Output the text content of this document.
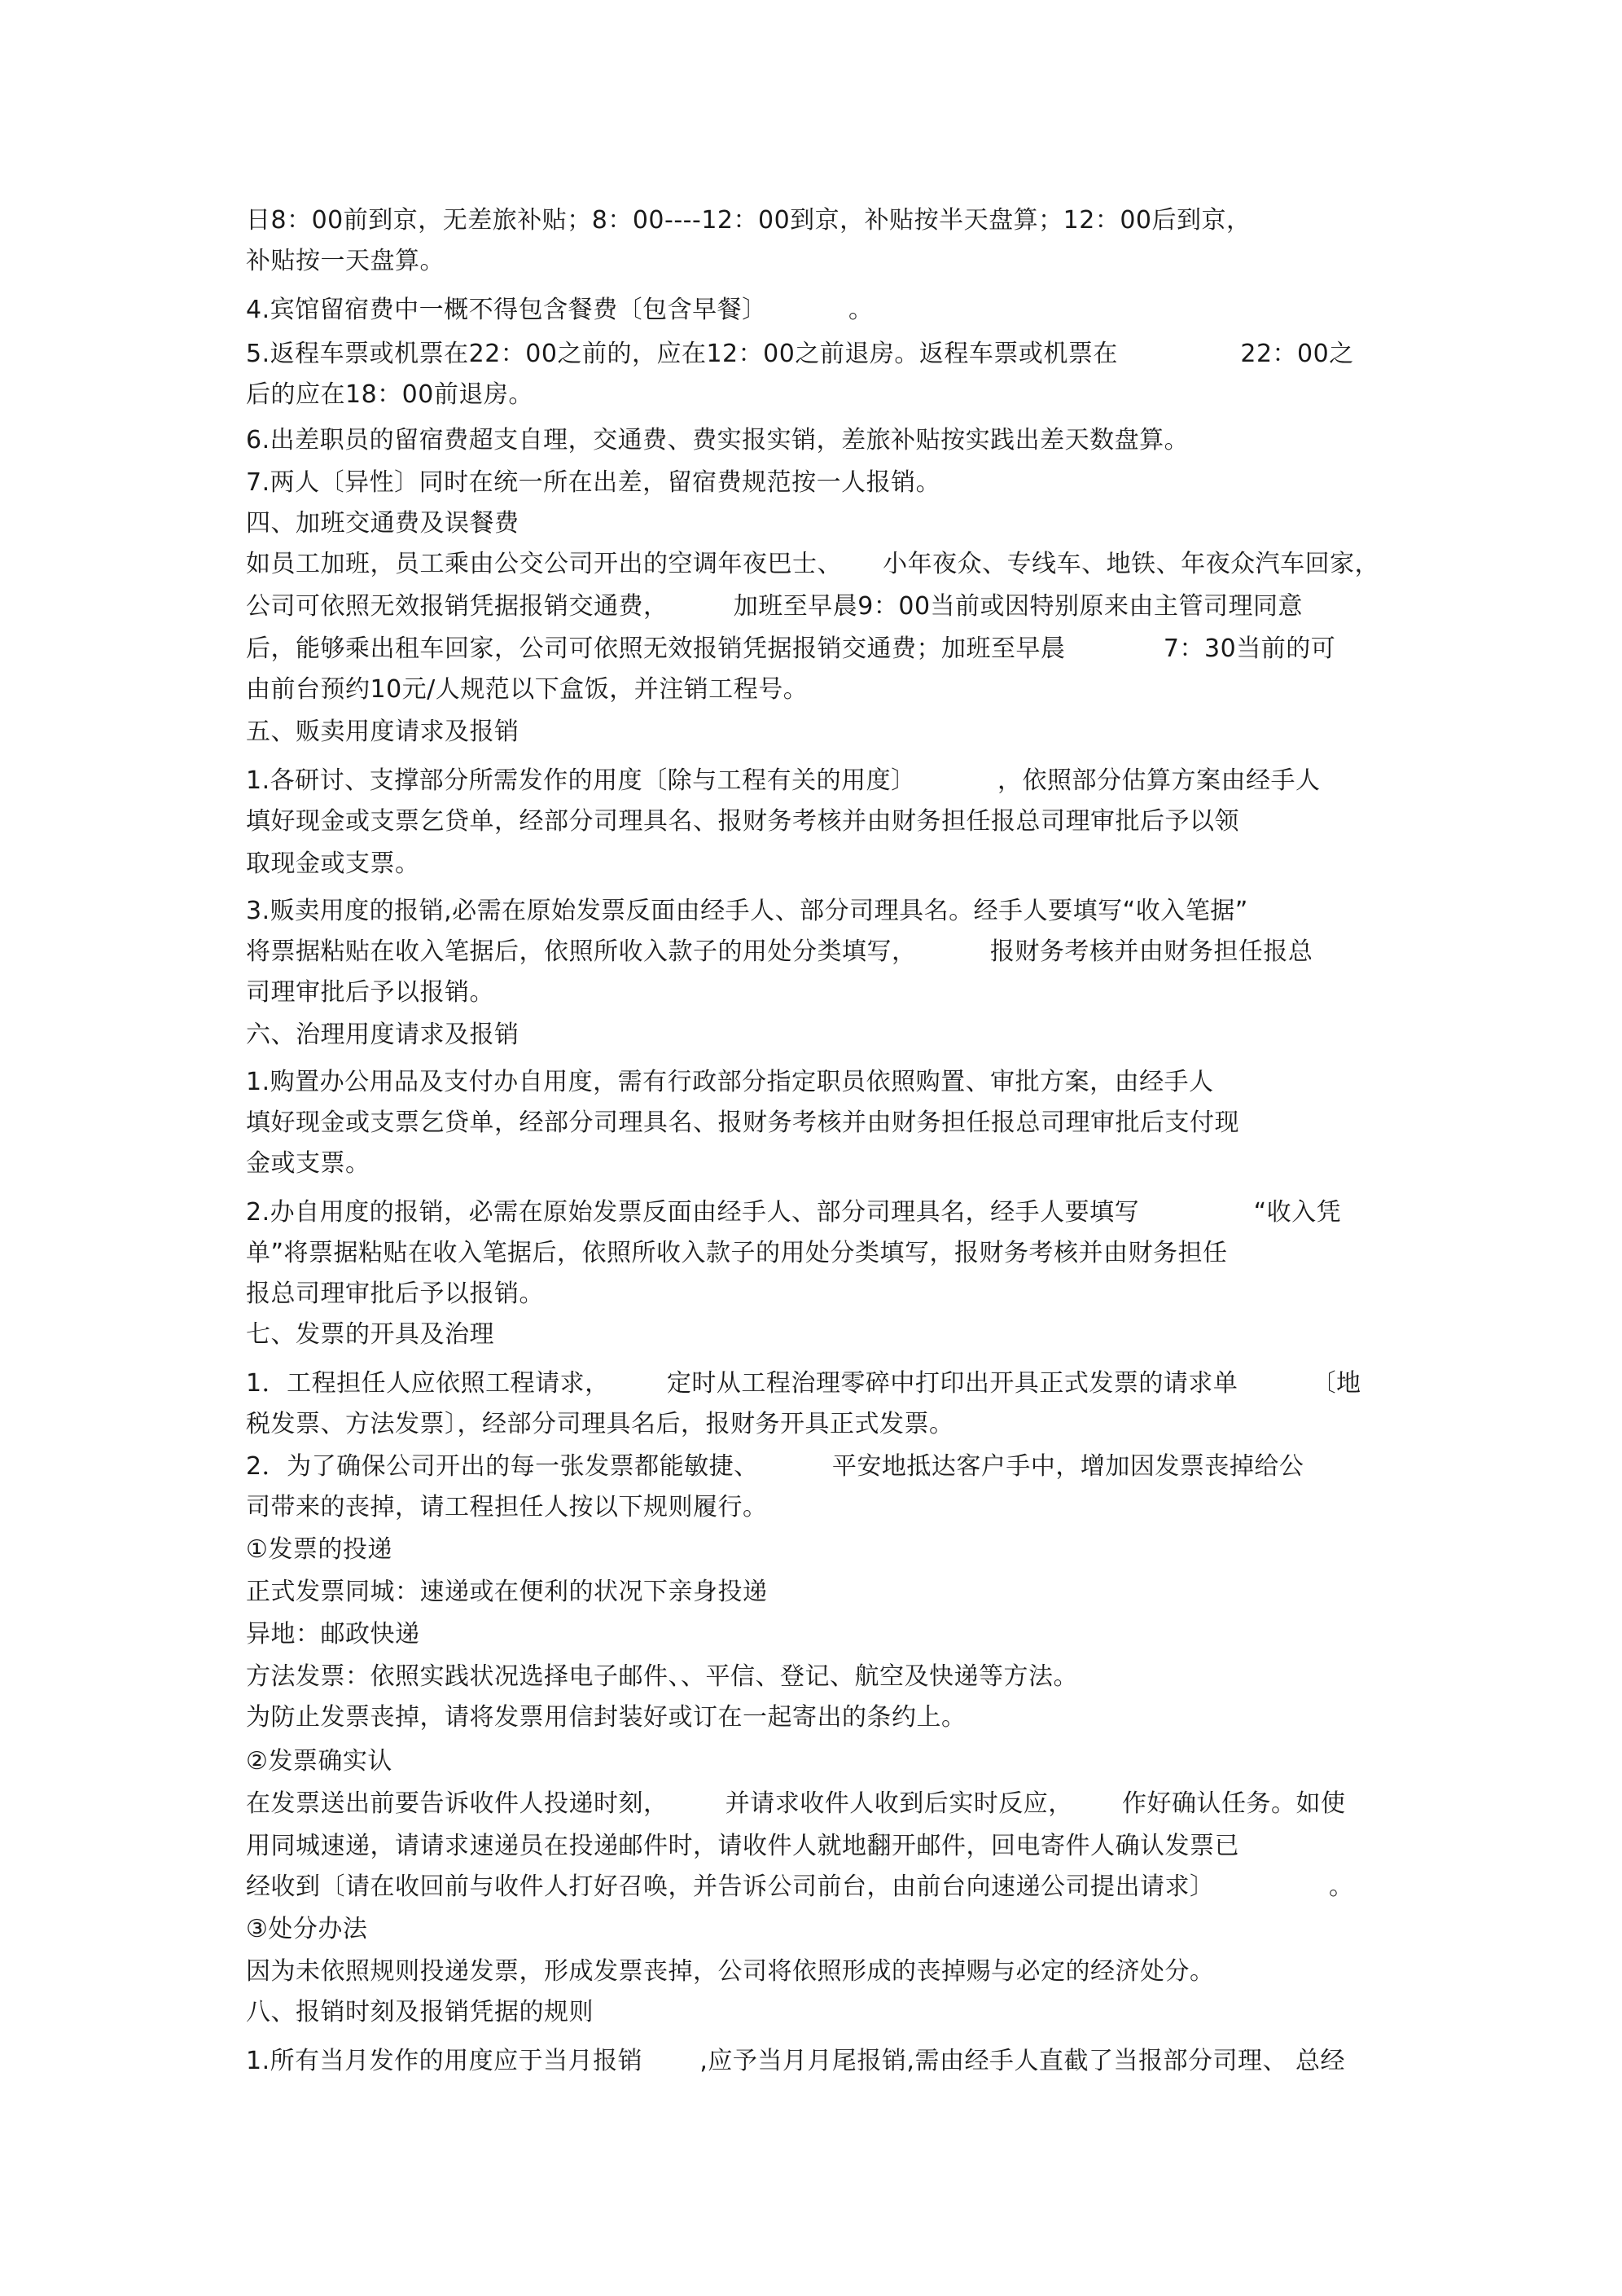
日8：00前到京，无差旅补贴；8：00----12：00到京，补贴按半天盘算；12：00后到京，
补贴按一天盘算。
4.宾馆留宿费中一概不得包含餐费〔包含早餐〕          。
5.返程车票或机票在22：00之前的，应在12：00之前退房。返程车票或机票在               22：00之
后的应在18：00前退房。
6.出差职员的留宿费超支自理，交通费、费实报实销，差旅补贴按实践出差天数盘算。
7.两人〔异性〕同时在统一所在出差，留宿费规范按一人报销。
四、加班交通费及误餐费
如员工加班，员工乘由公交公司开出的空调年夜巴士、     小年夜众、专线车、地铁、年夜众汽车回家，
公司可依照无效报销凭据报销交通费，        加班至早晨9：00当前或因特别原来由主管司理同意
后，能够乘出租车回家，公司可依照无效报销凭据报销交通费；加班至早晨            7：30当前的可
由前台预约10元/人规范以下盒饭，并注销工程号。
五、贩卖用度请求及报销
1.各研讨、支撑部分所需发作的用度〔除与工程有关的用度〕          ，依照部分估算方案由经手人
填好现金或支票乞贷单，经部分司理具名、报财务考核并由财务担任报总司理审批后予以领
取现金或支票。
3.贩卖用度的报销,必需在原始发票反面由经手人、部分司理具名。经手人要填写“收入笔据”
将票据粘贴在收入笔据后，依照所收入款子的用处分类填写，         报财务考核并由财务担任报总
司理审批后予以报销。
六、治理用度请求及报销
1.购置办公用品及支付办自用度，需有行政部分指定职员依照购置、审批方案，由经手人
填好现金或支票乞贷单，经部分司理具名、报财务考核并由财务担任报总司理审批后支付现
金或支票。
2.办自用度的报销，必需在原始发票反面由经手人、部分司理具名，经手人要填写              “收入凭
单”将票据粘贴在收入笔据后，依照所收入款子的用处分类填写，报财务考核并由财务担任
报总司理审批后予以报销。
七、发票的开具及治理
1．工程担任人应依照工程请求，       定时从工程治理零碎中打印出开具正式发票的请求单         〔地
税发票、方法发票〕，经部分司理具名后，报财务开具正式发票。
2．为了确保公司开出的每一张发票都能敏捷、         平安地抵达客户手中，增加因发票丧掉给公
司带来的丧掉，请工程担任人按以下规则履行。
①发票的投递
正式发票同城：速递或在便利的状况下亲身投递
异地：邮政快递
方法发票：依照实践状况选择电子邮件、、平信、登记、航空及快递等方法。
为防止发票丧掉，请将发票用信封装好或订在一起寄出的条约上。
②发票确实认
在发票送出前要告诉收件人投递时刻，       并请求收件人收到后实时反应，      作好确认任务。如使
用同城速递，请请求速递员在投递邮件时，请收件人就地翻开邮件，回电寄件人确认发票已
经收到〔请在收回前与收件人打好召唤，并告诉公司前台，由前台向速递公司提出请求〕              。
③处分办法
因为未依照规则投递发票，形成发票丧掉，公司将依照形成的丧掉赐与必定的经济处分。
八、报销时刻及报销凭据的规则
1.所有当月发作的用度应于当月报销       ,应予当月月尾报销,需由经手人直截了当报部分司理、 总经
